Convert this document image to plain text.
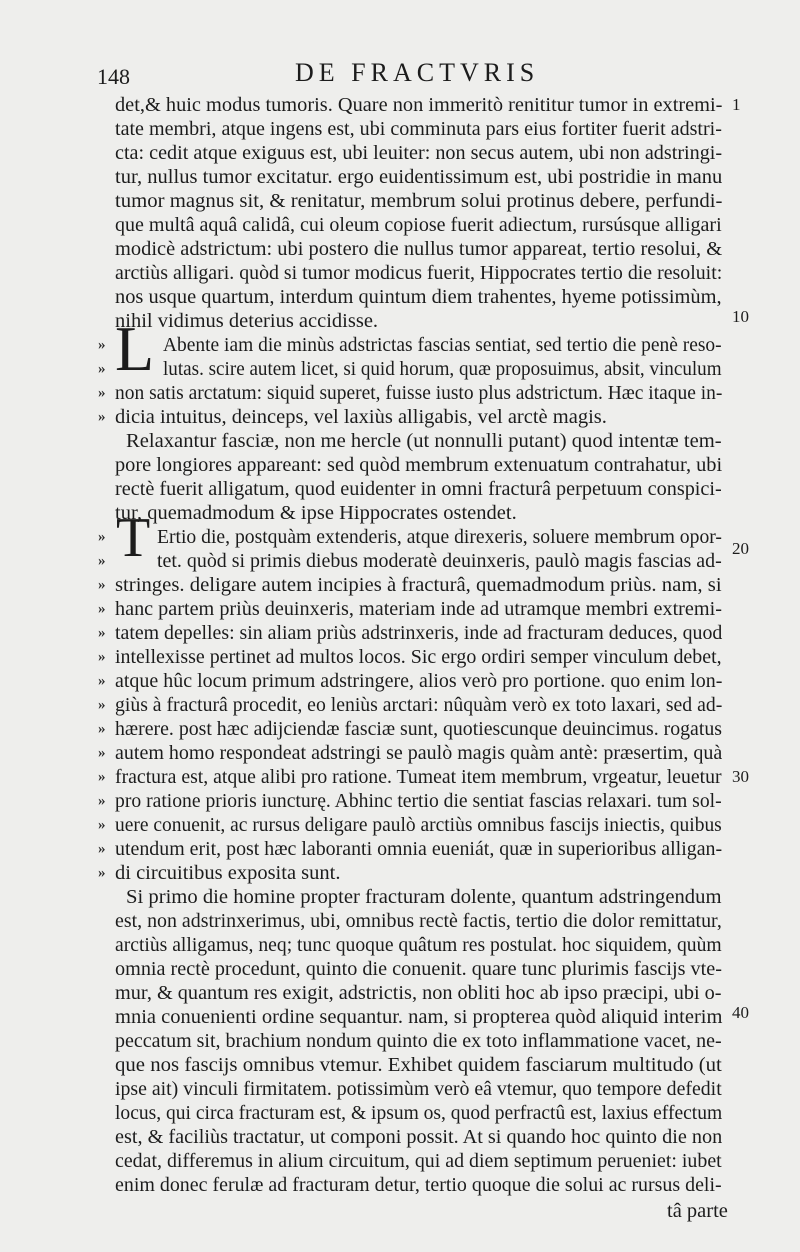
148	DE FRACTVRIS
det,& huic modus tumoris. Quare non immeritò renititur tumor in extremi-
tate membri, atque ingens est, ubi comminuta pars eius fortiter fuerit adstri-
cta: cedit atque exiguus est, ubi leuiter: non secus autem, ubi non adstringi-
tur, nullus tumor excitatur. ergo euidentissimum est, ubi postridie in manu
tumor magnus sit, & renitatur, membrum solui protinus debere, perfundi-
que multâ aquâ calidâ, cui oleum copiose fuerit adiectum, rursúsque alligari
modicè adstrictum: ubi postero die nullus tumor appareat, tertio resolui, &
arctiùs alligari. quòd si tumor modicus fuerit, Hippocrates tertio die resoluit:
nos usque quartum, interdum quintum diem trahentes, hyeme potissimùm,
nihil vidimus deterius accidisse.
L Abente iam die minùs adstrictas fascias sentiat, sed tertio die penè reso-
lutas. scire autem licet, si quid horum, quæ proposuimus, absit, vinculum
non satis arctatum: siquid superet, fuisse iusto plus adstrictum. Hæc itaque in-
dicia intuitus, deinceps, vel laxiùs alligabis, vel arctè magis.
Relaxantur fasciæ, non me hercle (ut nonnulli putant) quod intentæ tem-
pore longiores appareant: sed quòd membrum extenuatum contrahatur, ubi
rectè fuerit alligatum, quod euidenter in omni fracturâ perpetuum conspici-
tur, quemadmodum & ipse Hippocrates ostendet.
T Ertio die, postquàm extenderis, atque direxeris, soluere membrum opor-
tet. quòd si primis diebus moderatè deuinxeris, paulò magis fascias ad-
stringes. deligare autem incipies à fracturâ, quemadmodum priùs. nam, si
hanc partem priùs deuinxeris, materiam inde ad utramque membri extremi-
tatem depelles: sin aliam priùs adstrinxeris, inde ad fracturam deduces, quod
intellexisse pertinet ad multos locos. Sic ergo ordiri semper vinculum debet,
atque hûc locum primum adstringere, alios verò pro portione. quo enim lon-
giùs à fracturâ procedit, eo leniùs arctari: nûquàm verò ex toto laxari, sed ad-
hærere. post hæc adijciendæ fasciæ sunt, quotiescunque deuincimus. rogatus
autem homo respondeat adstringi se paulò magis quàm antè: præsertim, quà
fractura est, atque alibi pro ratione. Tumeat item membrum, vrgeatur, leuetur
pro ratione prioris iuncturę. Abhinc tertio die sentiat fascias relaxari. tum sol-
uere conuenit, ac rursus deligare paulò arctiùs omnibus fascijs iniectis, quibus
utendum erit, post hæc laboranti omnia eueniát, quæ in superioribus alligan-
di circuitibus exposita sunt.
Si primo die homine propter fracturam dolente, quantum adstringendum
est, non adstrinxerimus, ubi, omnibus rectè factis, tertio die dolor remittatur,
arctiùs alligamus, neq; tunc quoque quâtum res postulat. hoc siquidem, quùm
omnia rectè procedunt, quinto die conuenit. quare tunc plurimis fascijs vte-
mur, & quantum res exigit, adstrictis, non obliti hoc ab ipso præcipi, ubi o-
mnia conuenienti ordine sequantur. nam, si propterea quòd aliquid interim
peccatum sit, brachium nondum quinto die ex toto inflammatione vacet, ne-
que nos fascijs omnibus vtemur. Exhibet quidem fasciarum multitudo (ut
ipse ait) vinculi firmitatem. potissimùm verò eâ vtemur, quo tempore defedit
locus, qui circa fracturam est, & ipsum os, quod perfractû est, laxius effectum
est, & faciliùs tractatur, ut componi possit. At si quando hoc quinto die non
cedat, differemus in alium circuitum, qui ad diem septimum perueniet: iubet
enim donec ferulæ ad fracturam detur, tertio quoque die solui ac rursus deli-
tâ parte
»
»
»
»
»
»
»
»
»
»
»
»
»
»
»
»
»
»
»
1
10
20
30
40
